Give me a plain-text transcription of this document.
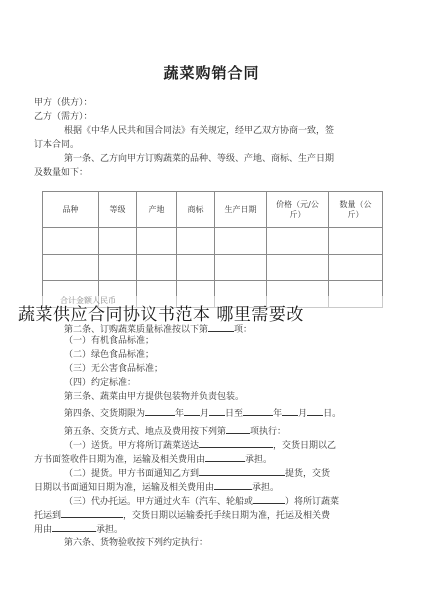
蔬菜购销合同
甲方（供方）：
乙方（需方）：
根据《中华人民共和国合同法》有关规定，经甲乙双方协商一致，签
订本合同。
第一条、乙方向甲方订购蔬菜的品种、等级、产地、商标、生产日期
及数量如下：
品种	等级	产地	商标	生产日期	价格（元/公斤）	数量（公斤）

合计金额人民币
蔬菜供应合同协议书范本 哪里需要改
第二条、订购蔬菜质量标准按以下第	项：
（一）有机食品标准；
（二）绿色食品标准；
（三）无公害食品标准；
（四）约定标准：
第三条、蔬菜由甲方提供包装物并负责包装。
第四条、交货期限为	年 月 日至	年 月 日。
第五条、交货方式、地点及费用按下列第	项执行：
（一）送货。甲方将所订蔬菜送达	，交货日期以乙
方书面签收件日期为准，运输及相关费用由	承担。
（二）提货。甲方书面通知乙方到	提货，交货
日期以书面通知日期为准，运输及相关费用由	承担。
（三）代办托运。甲方通过火车（汽车、轮船或	）将所订蔬菜
托运到	，交货日期以运输委托手续日期为准，托运及相关费
用由	承担。
第六条、货物验收按下列约定执行：
